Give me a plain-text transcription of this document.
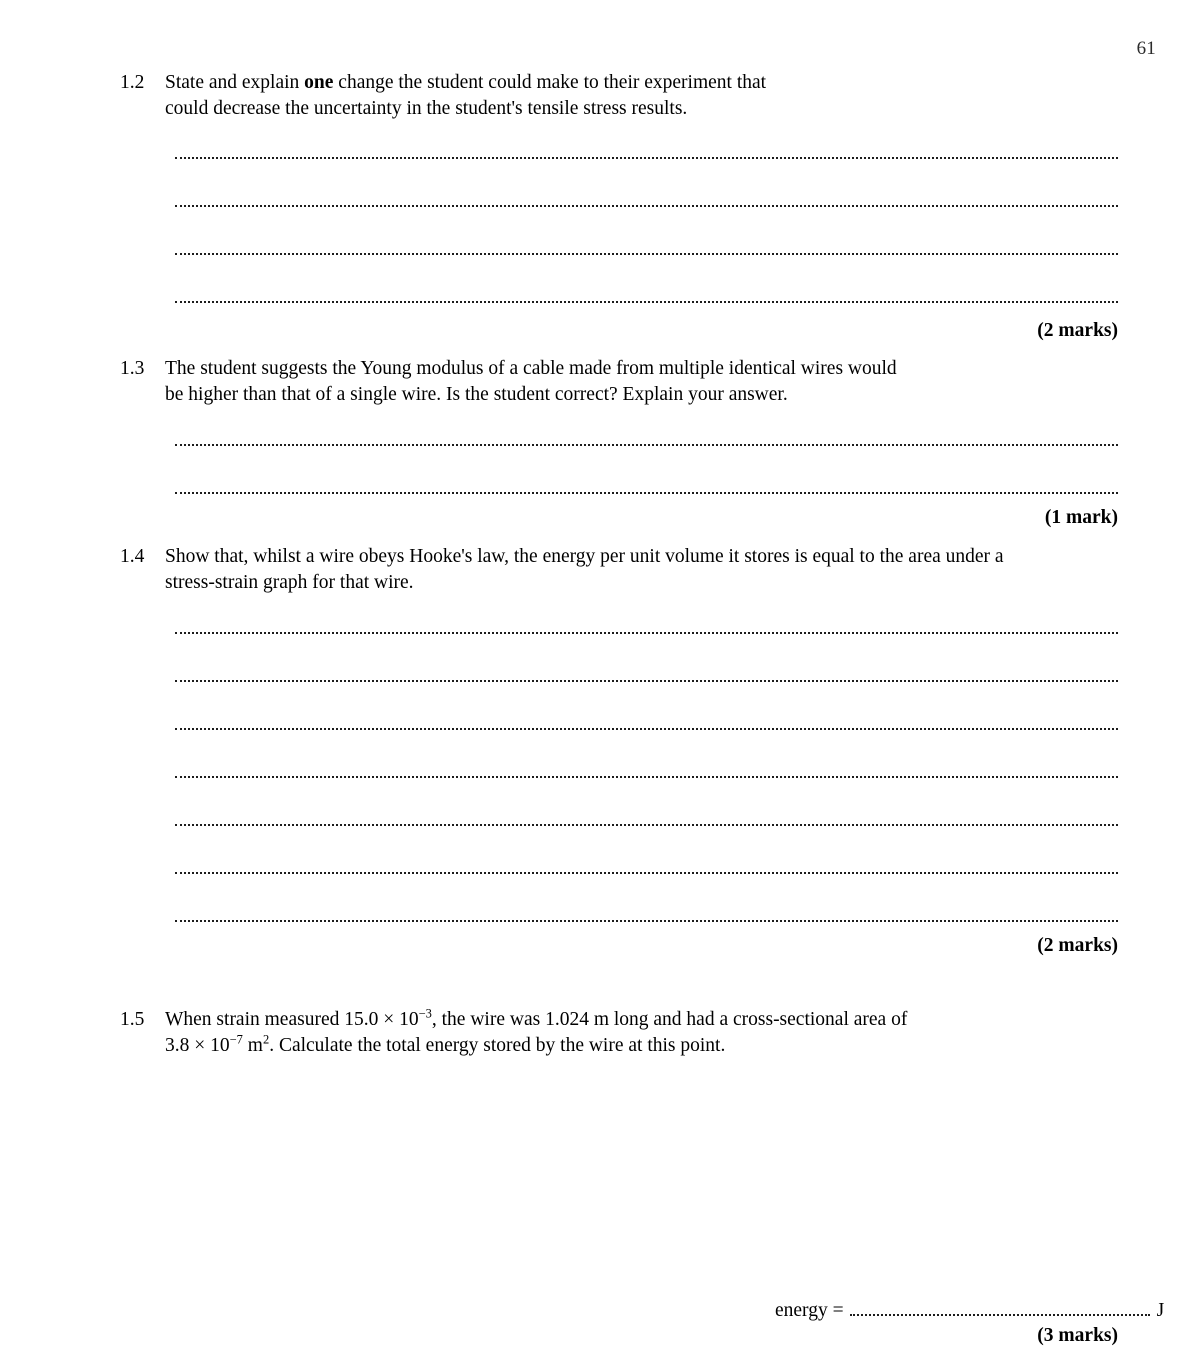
61
1.2	State and explain one change the student could make to their experiment that
could decrease the uncertainty in the student's tensile stress results.
(2 marks)
1.3	The student suggests the Young modulus of a cable made from multiple identical wires would
be higher than that of a single wire. Is the student correct? Explain your answer.
(1 mark)
1.4	Show that, whilst a wire obeys Hooke's law, the energy per unit volume it stores is equal to the area under a
stress-strain graph for that wire.
(2 marks)
1.5	When strain measured $15.0 \times 10^{-3}$, the wire was 1.024 m long and had a cross-sectional area of
$3.8 \times 10^{-7}$ $m^2$. Calculate the total energy stored by the wire at this point.
energy =	J
(3 marks)
